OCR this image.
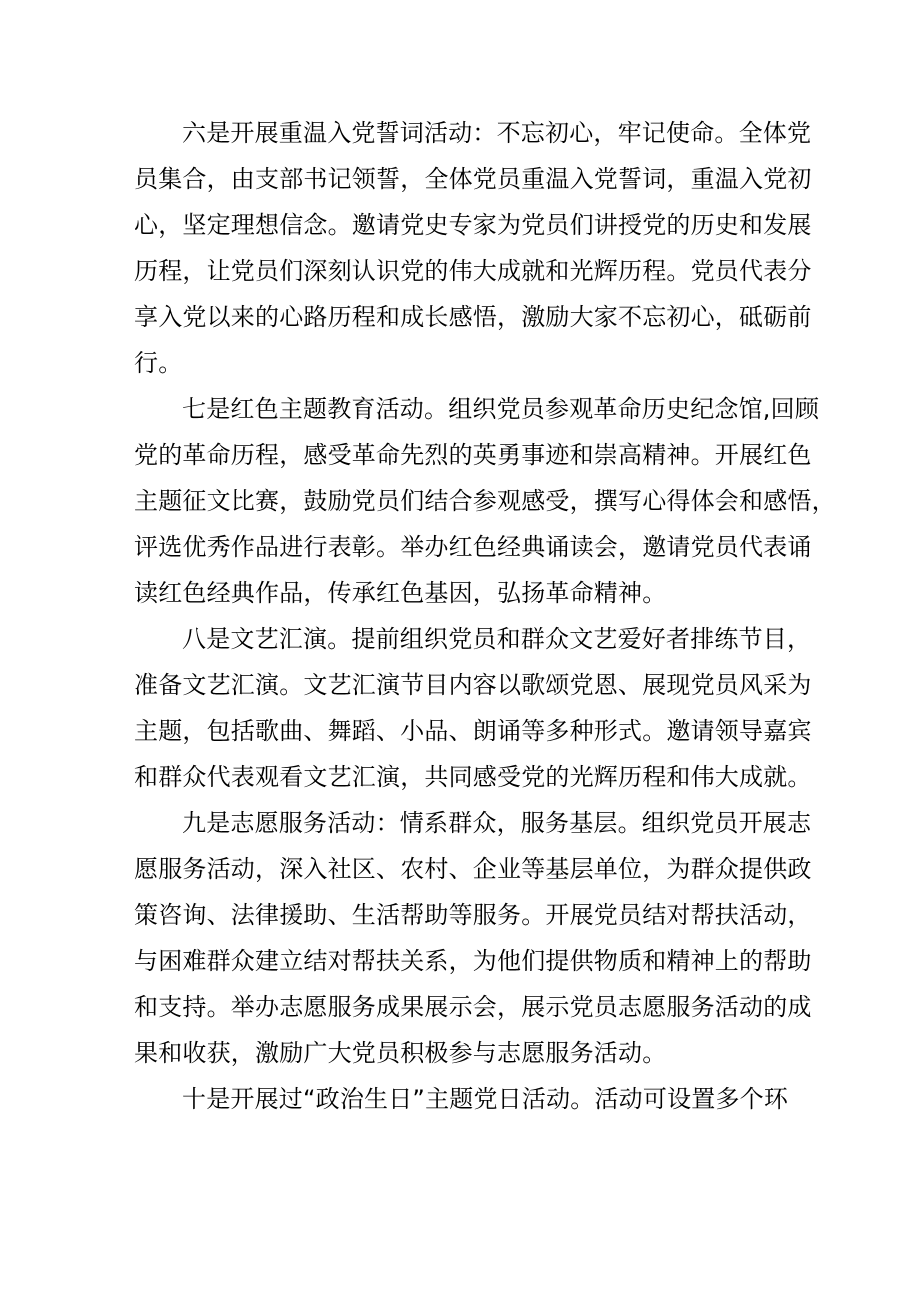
六是开展重温入党誓词活动：不忘初心，牢记使命。全体党
员集合，由支部书记领誓，全体党员重温入党誓词，重温入党初
心，坚定理想信念。邀请党史专家为党员们讲授党的历史和发展
历程，让党员们深刻认识党的伟大成就和光辉历程。党员代表分
享入党以来的心路历程和成长感悟，激励大家不忘初心，砥砺前
行。

七是红色主题教育活动。组织党员参观革命历史纪念馆,回顾
党的革命历程，感受革命先烈的英勇事迹和崇高精神。开展红色
主题征文比赛，鼓励党员们结合参观感受，撰写心得体会和感悟，
评选优秀作品进行表彰。举办红色经典诵读会，邀请党员代表诵
读红色经典作品，传承红色基因，弘扬革命精神。

八是文艺汇演。提前组织党员和群众文艺爱好者排练节目，
准备文艺汇演。文艺汇演节目内容以歌颂党恩、展现党员风采为
主题，包括歌曲、舞蹈、小品、朗诵等多种形式。邀请领导嘉宾
和群众代表观看文艺汇演，共同感受党的光辉历程和伟大成就。

九是志愿服务活动：情系群众，服务基层。组织党员开展志
愿服务活动，深入社区、农村、企业等基层单位，为群众提供政
策咨询、法律援助、生活帮助等服务。开展党员结对帮扶活动，
与困难群众建立结对帮扶关系，为他们提供物质和精神上的帮助
和支持。举办志愿服务成果展示会，展示党员志愿服务活动的成
果和收获，激励广大党员积极参与志愿服务活动。

十是开展过“政治生日”主题党日活动。活动可设置多个环
